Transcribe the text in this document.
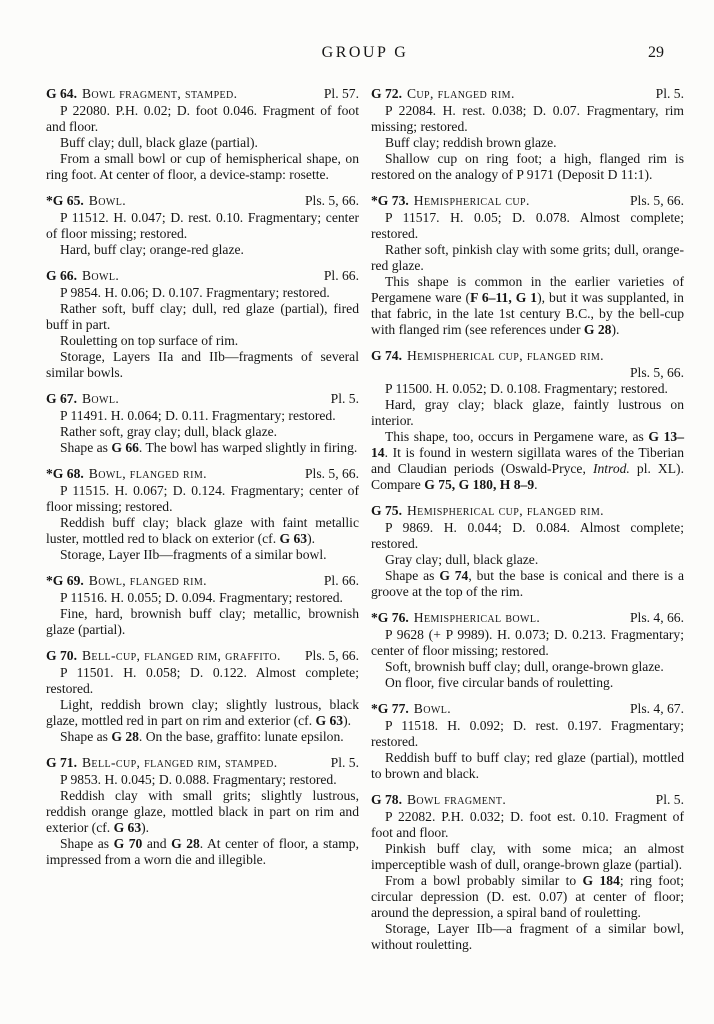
GROUP G	29
G 64. Bowl fragment, stamped.	Pl. 57.

P 22080. P.H. 0.02; D. foot 0.046. Fragment of foot and floor.

Buff clay; dull, black glaze (partial).

From a small bowl or cup of hemispherical shape, on ring foot. At center of floor, a device-stamp: rosette.

*G 65. Bowl.	Pls. 5, 66.

P 11512. H. 0.047; D. rest. 0.10. Fragmentary; center of floor missing; restored.

Hard, buff clay; orange-red glaze.

G 66. Bowl.	Pl. 66.

P 9854. H. 0.06; D. 0.107. Fragmentary; restored.

Rather soft, buff clay; dull, red glaze (partial), fired buff in part.

Rouletting on top surface of rim.

Storage, Layers IIa and IIb—fragments of several similar bowls.

G 67. Bowl.	Pl. 5.

P 11491. H. 0.064; D. 0.11. Fragmentary; restored.

Rather soft, gray clay; dull, black glaze.

Shape as G 66. The bowl has warped slightly in firing.

*G 68. Bowl, flanged rim.	Pls. 5, 66.

P 11515. H. 0.067; D. 0.124. Fragmentary; center of floor missing; restored.

Reddish buff clay; black glaze with faint metallic luster, mottled red to black on exterior (cf. G 63).

Storage, Layer IIb—fragments of a similar bowl.

*G 69. Bowl, flanged rim.	Pl. 66.

P 11516. H. 0.055; D. 0.094. Fragmentary; restored.

Fine, hard, brownish buff clay; metallic, brownish glaze (partial).

G 70. Bell-cup, flanged rim, graffito.	Pls. 5, 66.

P 11501. H. 0.058; D. 0.122. Almost complete; restored.

Light, reddish brown clay; slightly lustrous, black glaze, mottled red in part on rim and exterior (cf. G 63).

Shape as G 28. On the base, graffito: lunate epsilon.

G 71. Bell-cup, flanged rim, stamped.	Pl. 5.

P 9853. H. 0.045; D. 0.088. Fragmentary; restored.

Reddish clay with small grits; slightly lustrous, reddish orange glaze, mottled black in part on rim and exterior (cf. G 63).

Shape as G 70 and G 28. At center of floor, a stamp, impressed from a worn die and illegible.

G 72. Cup, flanged rim.	Pl. 5.

P 22084. H. rest. 0.038; D. 0.07. Fragmentary, rim missing; restored.

Buff clay; reddish brown glaze.

Shallow cup on ring foot; a high, flanged rim is restored on the analogy of P 9171 (Deposit D 11:1).

*G 73. Hemispherical cup.	Pls. 5, 66.

P 11517. H. 0.05; D. 0.078. Almost complete; restored.

Rather soft, pinkish clay with some grits; dull, orange-red glaze.

This shape is common in the earlier varieties of Pergamene ware (F 6–11, G 1), but it was supplanted, in that fabric, in the late 1st century B.C., by the bell-cup with flanged rim (see references under G 28).

G 74. Hemispherical cup, flanged rim.
Pls. 5, 66.

P 11500. H. 0.052; D. 0.108. Fragmentary; restored.

Hard, gray clay; black glaze, faintly lustrous on interior.

This shape, too, occurs in Pergamene ware, as G 13–14. It is found in western sigillata wares of the Tiberian and Claudian periods (Oswald-Pryce, Introd. pl. XL). Compare G 75, G 180, H 8–9.

G 75. Hemispherical cup, flanged rim.

P 9869. H. 0.044; D. 0.084. Almost complete; restored.

Gray clay; dull, black glaze.

Shape as G 74, but the base is conical and there is a groove at the top of the rim.

*G 76. Hemispherical bowl.	Pls. 4, 66.

P 9628 (+ P 9989). H. 0.073; D. 0.213. Fragmentary; center of floor missing; restored.

Soft, brownish buff clay; dull, orange-brown glaze.

On floor, five circular bands of rouletting.

*G 77. Bowl.	Pls. 4, 67.

P 11518. H. 0.092; D. rest. 0.197. Fragmentary; restored.

Reddish buff to buff clay; red glaze (partial), mottled to brown and black.

G 78. Bowl fragment.	Pl. 5.

P 22082. P.H. 0.032; D. foot est. 0.10. Fragment of foot and floor.

Pinkish buff clay, with some mica; an almost imperceptible wash of dull, orange-brown glaze (partial).

From a bowl probably similar to G 184; ring foot; circular depression (D. est. 0.07) at center of floor; around the depression, a spiral band of rouletting.

Storage, Layer IIb—a fragment of a similar bowl, without rouletting.
